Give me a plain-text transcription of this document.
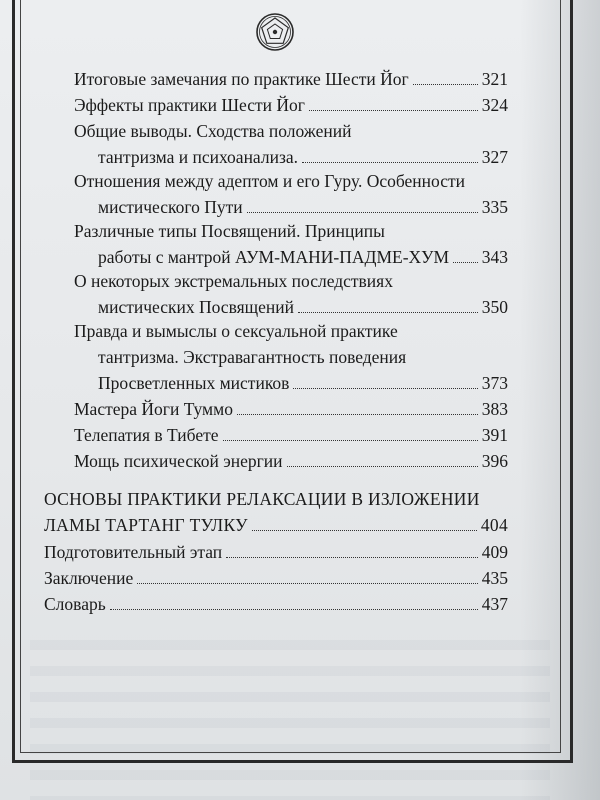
Итоговые замечания по практике Шести Йог	321
Эффекты практики Шести Йог	324
Общие выводы. Сходства положений
тантризма и психоанализа.	327
Отношения между адептом и его Гуру. Особенности
мистического Пути	335
Различные типы Посвящений. Принципы
работы с мантрой АУМ-МАНИ-ПАДМЕ-ХУМ 343
О некоторых экстремальных последствиях
мистических Посвящений	350
Правда и вымыслы о сексуальной практике
тантризма. Экстравагантность поведения
Просветленных мистиков	373
Мастера Йоги Туммо	383
Телепатия в Тибете	391
Мощь психической энергии	396
ОСНОВЫ ПРАКТИКИ РЕЛАКСАЦИИ В ИЗЛОЖЕНИИ
ЛАМЫ ТАРТАНГ ТУЛКУ	404
Подготовительный этап	409
Заключение	435
Словарь	437
